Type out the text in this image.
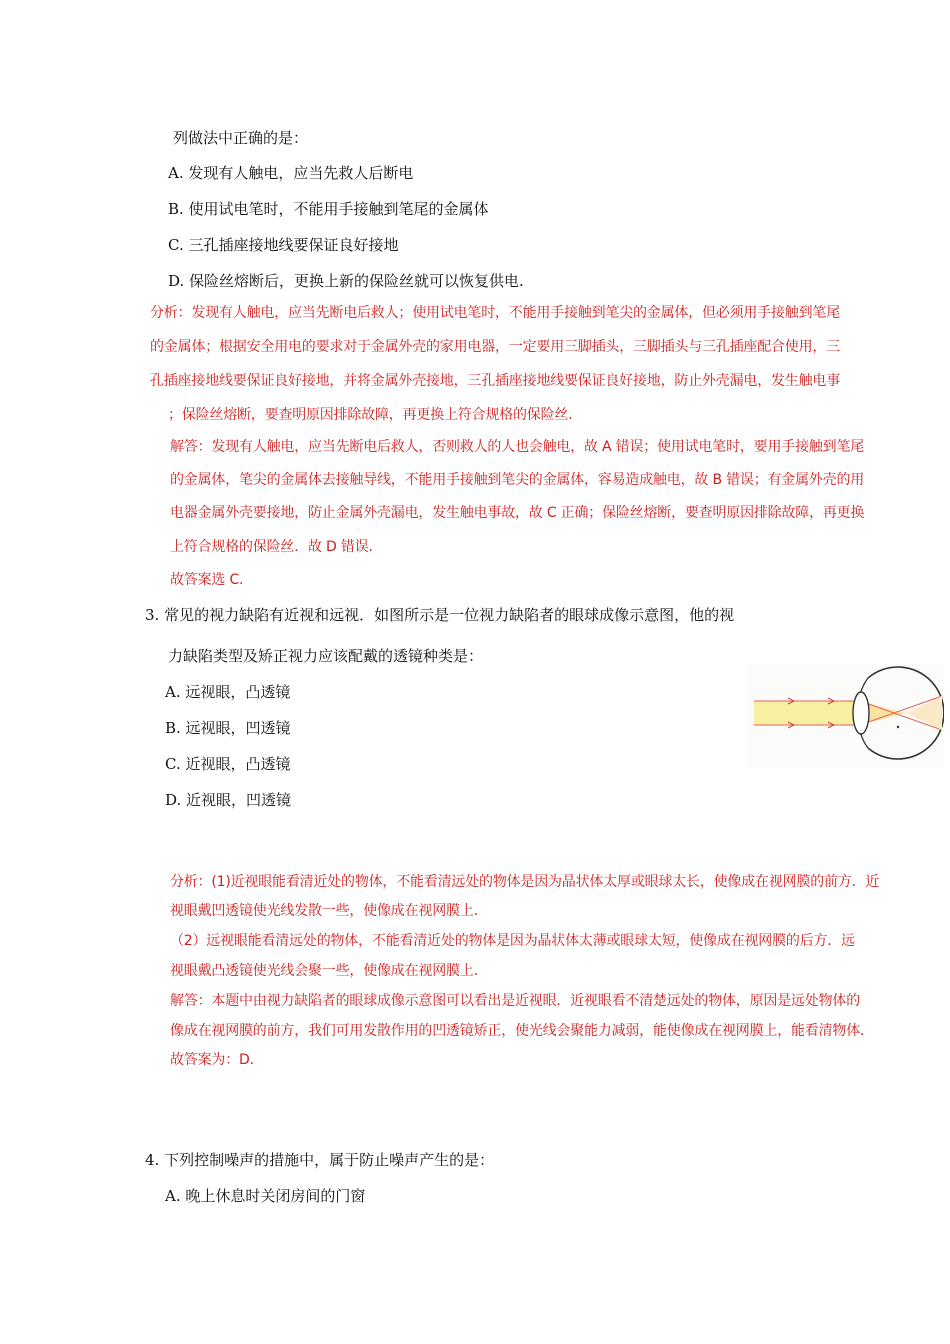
列做法中正确的是：
A. 发现有人触电，应当先救人后断电
B. 使用试电笔时，不能用手接触到笔尾的金属体
C. 三孔插座接地线要保证良好接地
D. 保险丝熔断后，更换上新的保险丝就可以恢复供电.
分析：发现有人触电，应当先断电后救人；使用试电笔时，不能用手接触到笔尖的金属体，但必须用手接触到笔尾
的金属体；根据安全用电的要求对于金属外壳的家用电器，一定要用三脚插头，三脚插头与三孔插座配合使用，三
孔插座接地线要保证良好接地，并将金属外壳接地，三孔插座接地线要保证良好接地，防止外壳漏电，发生触电事
；保险丝熔断，要查明原因排除故障，再更换上符合规格的保险丝.
解答：发现有人触电，应当先断电后救人，否则救人的人也会触电，故 A 错误；使用试电笔时，要用手接触到笔尾
的金属体，笔尖的金属体去接触导线，不能用手接触到笔尖的金属体，容易造成触电，故 B 错误；有金属外壳的用
电器金属外壳要接地，防止金属外壳漏电，发生触电事故，故 C 正确；保险丝熔断，要查明原因排除故障，再更换
上符合规格的保险丝．故 D 错误.
故答案选 C.
3. 常见的视力缺陷有近视和远视．如图所示是一位视力缺陷者的眼球成像示意图，他的视
力缺陷类型及矫正视力应该配戴的透镜种类是：
A. 远视眼，凸透镜
B. 远视眼，凹透镜
C. 近视眼，凸透镜
D. 近视眼，凹透镜
分析：(1)近视眼能看清近处的物体，不能看清远处的物体是因为晶状体太厚或眼球太长，使像成在视网膜的前方．近
视眼戴凹透镜使光线发散一些，使像成在视网膜上.
（2）远视眼能看清远处的物体，不能看清近处的物体是因为晶状体太薄或眼球太短，使像成在视网膜的后方．远
视眼戴凸透镜使光线会聚一些，使像成在视网膜上.
解答：本题中由视力缺陷者的眼球成像示意图可以看出是近视眼．近视眼看不清楚远处的物体，原因是远处物体的
像成在视网膜的前方，我们可用发散作用的凹透镜矫正，使光线会聚能力减弱，能使像成在视网膜上，能看清物体．
故答案为：D.
4. 下列控制噪声的措施中，属于防止噪声产生的是：
A. 晚上休息时关闭房间的门窗
